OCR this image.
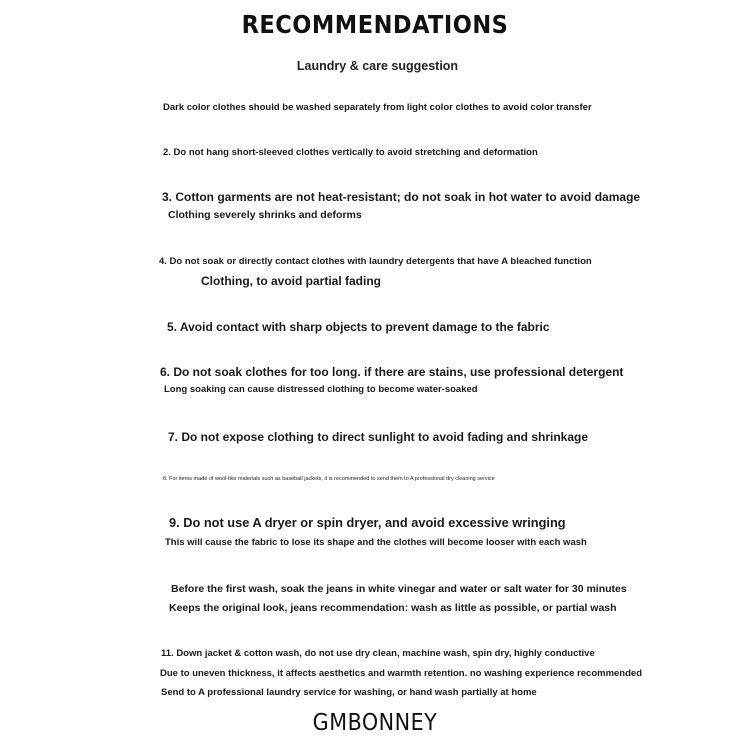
RECOMMENDATIONS
Laundry & care suggestion
Dark color clothes should be washed separately from light color clothes to avoid color transfer
2. Do not hang short-sleeved clothes vertically to avoid stretching and deformation
3. Cotton garments are not heat-resistant; do not soak in hot water to avoid damage
Clothing severely shrinks and deforms
4. Do not soak or directly contact clothes with laundry detergents that have A bleached function
Clothing, to avoid partial fading
5. Avoid contact with sharp objects to prevent damage to the fabric
6. Do not soak clothes for too long. if there are stains, use professional detergent
Long soaking can cause distressed clothing to become water-soaked
7. Do not expose clothing to direct sunlight to avoid fading and shrinkage
8. For items made of wool-like materials such as baseball jackets, it is recommended to send them to A professional dry cleaning service
9. Do not use A dryer or spin dryer, and avoid excessive wringing
This will cause the fabric to lose its shape and the clothes will become looser with each wash
Before the first wash, soak the jeans in white vinegar and water or salt water for 30 minutes
Keeps the original look, jeans recommendation: wash as little as possible, or partial wash
11. Down jacket & cotton wash, do not use dry clean, machine wash, spin dry, highly conductive
Due to uneven thickness, it affects aesthetics and warmth retention. no washing experience recommended
Send to A professional laundry service for washing, or hand wash partially at home
GMBONNEY
